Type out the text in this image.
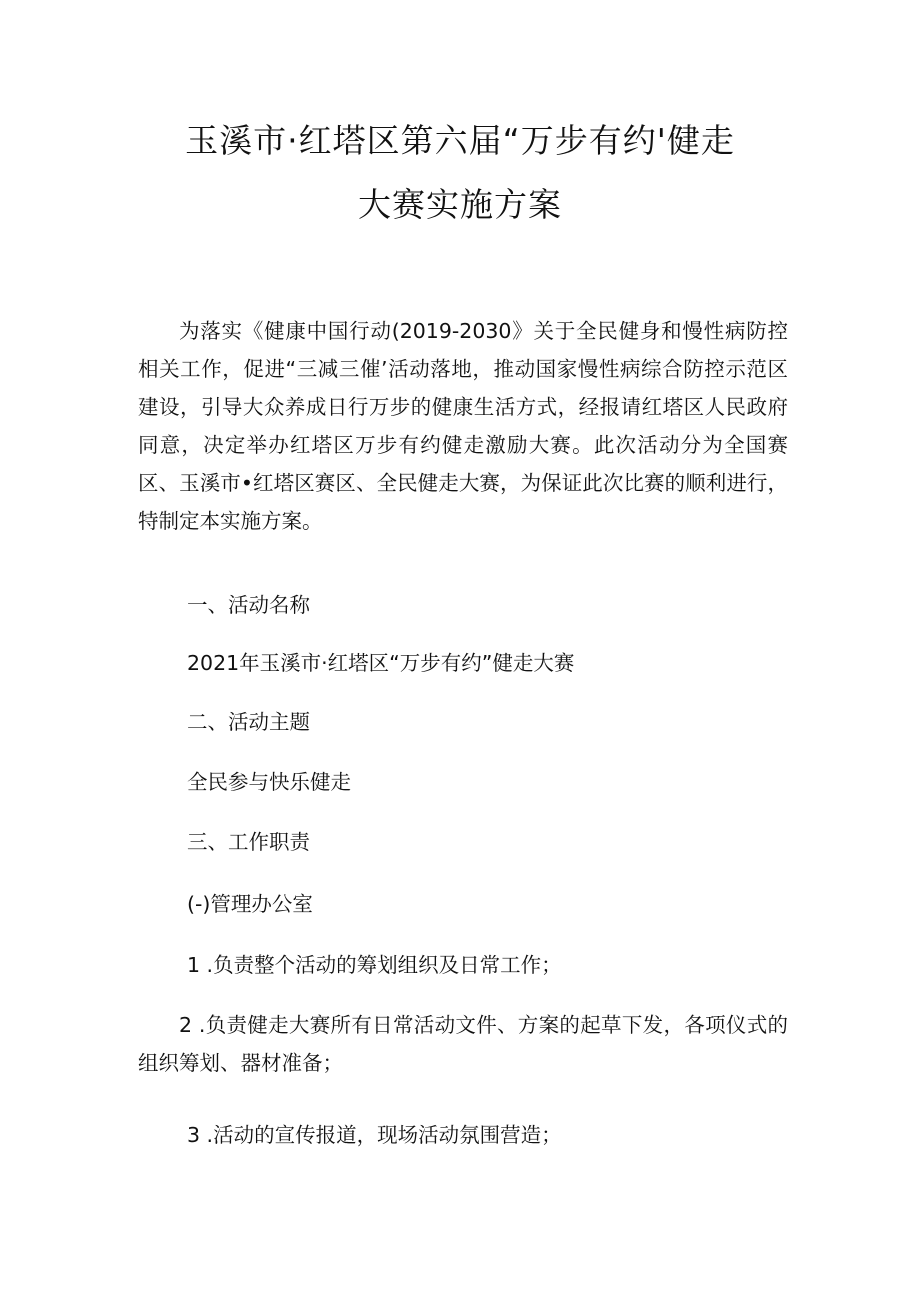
玉溪市·红塔区第六届“万步有约'健走
大赛实施方案

为落实《健康中国行动(2019-2030》关于全民健身和慢性病防控相关工作，促进“三减三催’活动落地，推动国家慢性病综合防控示范区建设，引导大众养成日行万步的健康生活方式，经报请红塔区人民政府同意，决定举办红塔区万步有约健走激励大赛。此次活动分为全国赛区、玉溪市•红塔区赛区、全民健走大赛，为保证此次比赛的顺利进行，特制定本实施方案。

一、活动名称

2021年玉溪市·红塔区“万步有约”健走大赛

二、活动主题

全民参与快乐健走

三、工作职责

(-)管理办公室

1 .负责整个活动的筹划组织及日常工作；

2 .负责健走大赛所有日常活动文件、方案的起草下发，各项仪式的组织筹划、器材准备；

3 .活动的宣传报道，现场活动氛围营造；
